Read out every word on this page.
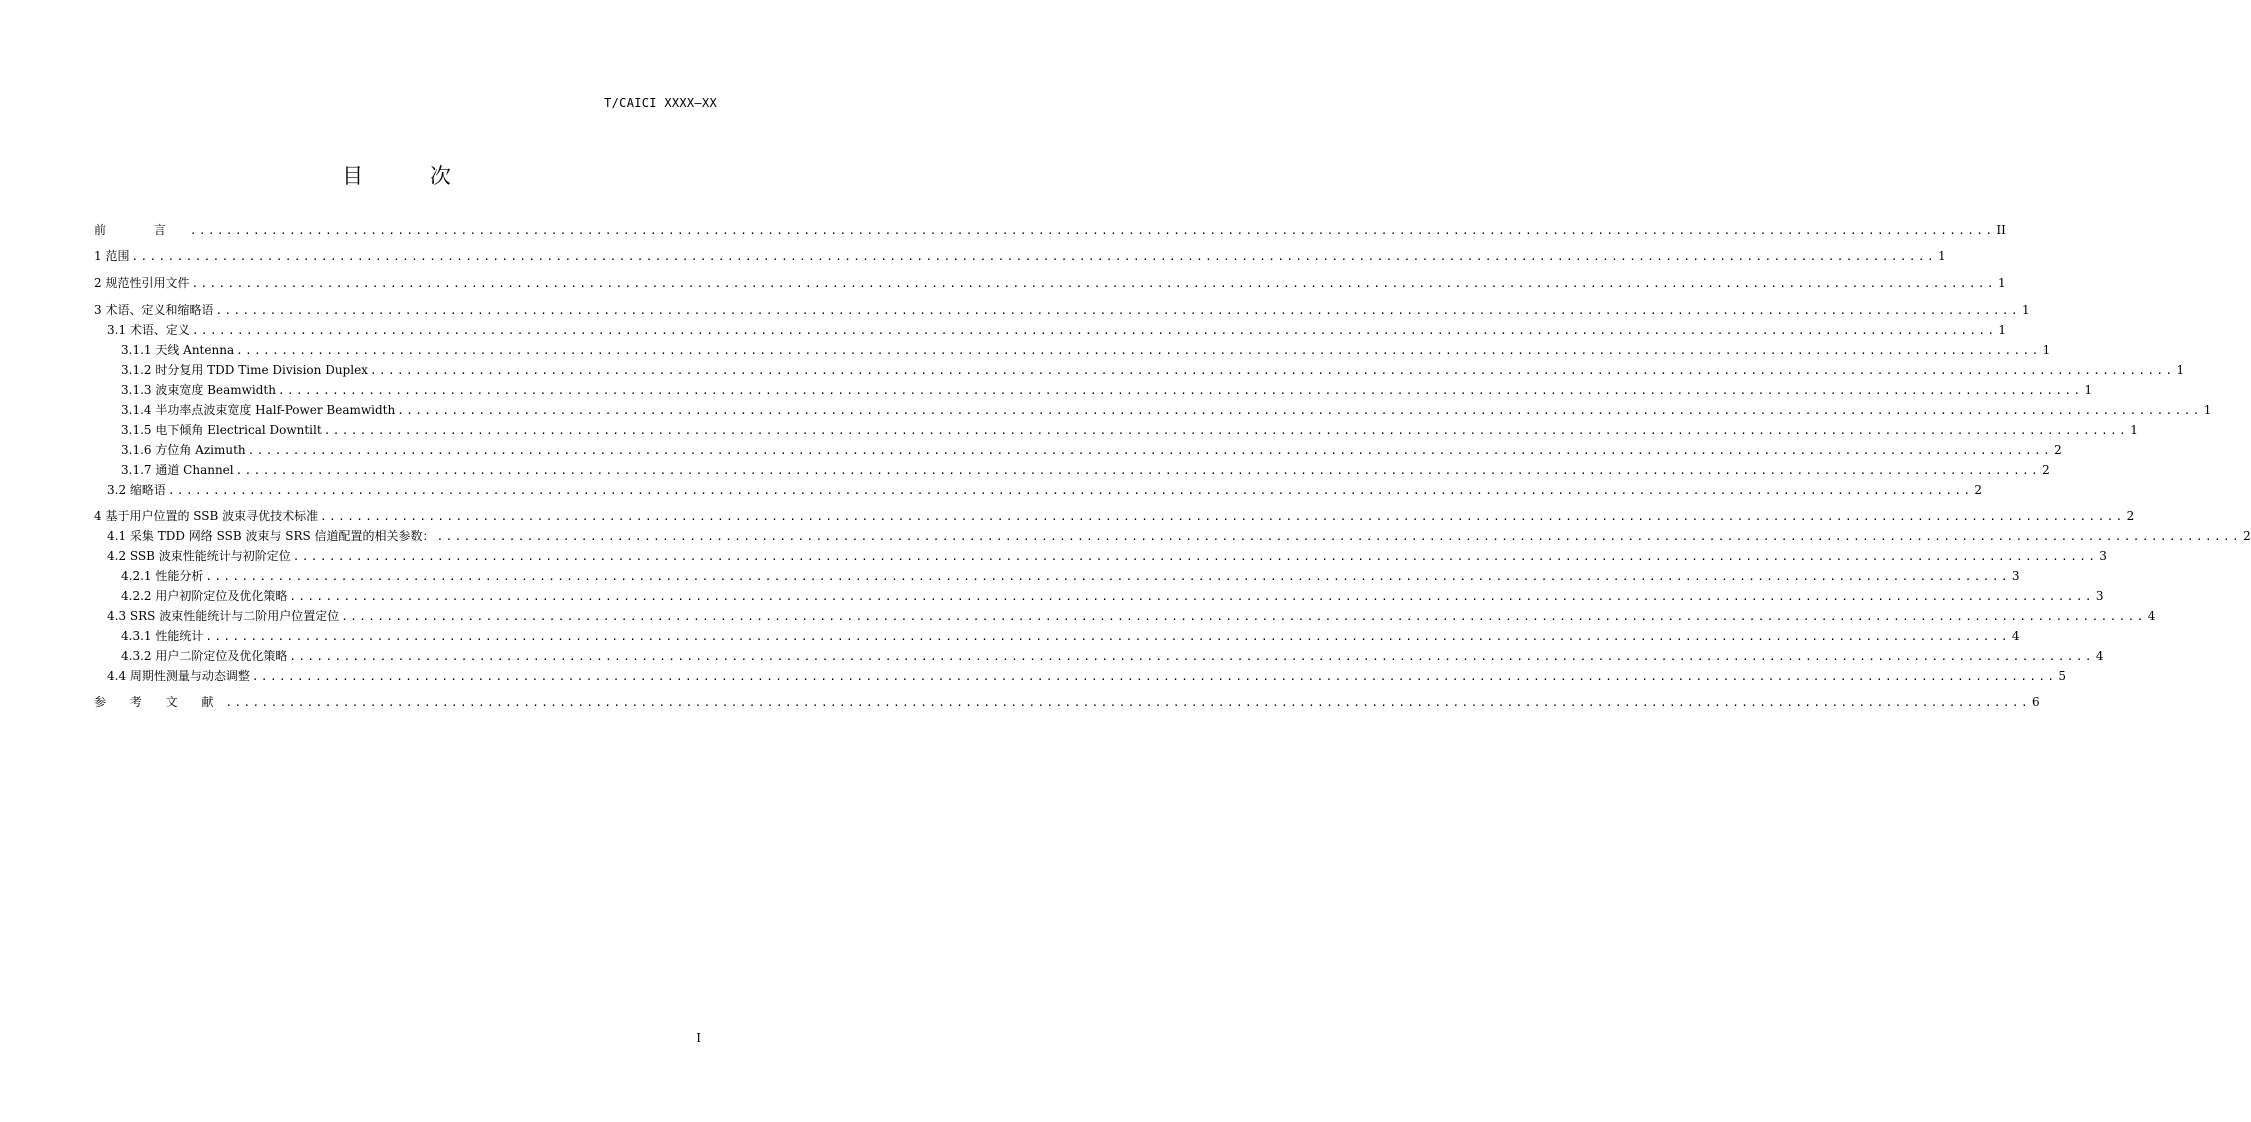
T/CAICI XXXX—XX
目 次
前 言 ........................................................................................................................................................................................................ II
1 范围 ........................................................................................................................................................................................................ 1
2 规范性引用文件 ........................................................................................................................................................................................................ 1
3 术语、定义和缩略语 ........................................................................................................................................................................................................ 1
3.1 术语、定义 ........................................................................................................................................................................................................ 1
3.1.1 天线 Antenna ........................................................................................................................................................................................................ 1
3.1.2 时分复用 TDD Time Division Duplex ........................................................................................................................................................................................................ 1
3.1.3 波束宽度 Beamwidth ........................................................................................................................................................................................................ 1
3.1.4 半功率点波束宽度 Half-Power Beamwidth ........................................................................................................................................................................................................ 1
3.1.5 电下倾角 Electrical Downtilt ........................................................................................................................................................................................................ 1
3.1.6 方位角 Azimuth ........................................................................................................................................................................................................ 2
3.1.7 通道 Channel ........................................................................................................................................................................................................ 2
3.2 缩略语 ........................................................................................................................................................................................................ 2
4 基于用户位置的 SSB 波束寻优技术标准 ........................................................................................................................................................................................................ 2
4.1 采集 TDD 网络 SSB 波束与 SRS 信道配置的相关参数： ........................................................................................................................................................................................................ 2
4.2 SSB 波束性能统计与初阶定位 ........................................................................................................................................................................................................ 3
4.2.1 性能分析 ........................................................................................................................................................................................................ 3
4.2.2 用户初阶定位及优化策略 ........................................................................................................................................................................................................ 3
4.3 SRS 波束性能统计与二阶用户位置定位 ........................................................................................................................................................................................................ 4
4.3.1 性能统计 ........................................................................................................................................................................................................ 4
4.3.2 用户二阶定位及优化策略 ........................................................................................................................................................................................................ 4
4.4 周期性测量与动态调整 ........................................................................................................................................................................................................ 5
参 考 文 献 ........................................................................................................................................................................................................ 6
I
